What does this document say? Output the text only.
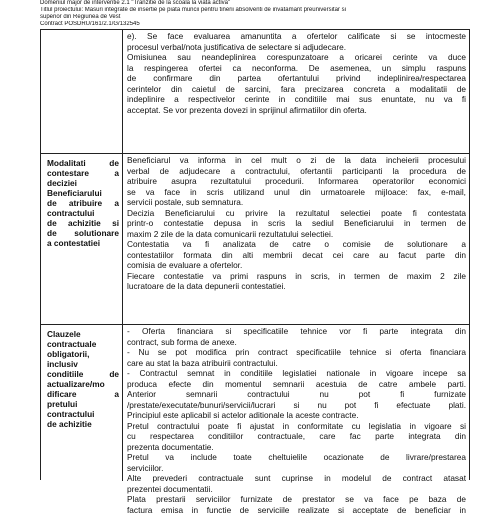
Domeniul major de interventie 2.1 "Tranzitie de la scoala la viata activa"
Titlul proiectului: Masuri integrate de insertie pe piata muncii pentru tinerii absolventi de invatamant preuniversitar si
superior din Regiunea de Vest
Contract POSDRU/161/2.1/G/132545
e). Se face evaluarea amanuntita a ofertelor calificate si se intocmeste
procesul verbal/nota justificativa de selectare si adjudecare.
Omisiunea sau neandeplinirea corespunzatoare a oricarei cerinte va duce
la respingerea ofertei ca neconforma. De asemenea, un simplu raspuns
de confirmare din partea ofertantului privind indeplinirea/respectarea
cerintelor din caietul de sarcini, fara precizarea concreta a modalitatii de
indeplinire a respectivelor cerinte in conditiile mai sus enuntate, nu va fi
acceptat. Se vor prezenta dovezi in sprijinul afirmatiilor din oferta.
Modalitati de
contestare a
deciziei
Beneficiarului
de atribuire a
contractului
de achizitie si
de solutionare
a contestatiei
Beneficiarul va informa in cel mult o zi de la data incheierii procesului
verbal de adjudecare a contractului, ofertantii participanti la procedura de
atribuire asupra rezultatului procedurii. Informarea operatorilor economici
se va face in scris utilizand unul din urmatoarele mijloace: fax, e-mail,
servicii postale, sub semnatura.
Decizia Beneficiarului cu privire la rezultatul selectiei poate fi contestata
printr-o contestatie depusa in scris la sediul Beneficiarului in termen de
maxim 2 zile de la data comunicarii rezultatului selectiei.
Contestatia va fi analizata de catre o comisie de solutionare a
contestatiilor formata din alti membrii decat cei care au facut parte din
comisia de evaluare a ofertelor.
Fiecare contestatie va primi raspuns in scris, in termen de maxim 2 zile
lucratoare de la data depunerii contestatiei.
Clauzele
contractuale
obligatorii,
inclusiv
conditiile de
actualizare/mo
dificare a
pretului
contractului
de achizitie
- Oferta financiara si specificatiile tehnice vor fi parte integrata din
contract, sub forma de anexe.
- Nu se pot modifica prin contract specificatiile tehnice si oferta financiara
care au stat la baza atribuirii contractului.
- Contractul semnat in conditiile legislatiei nationale in vigoare incepe sa
produca efecte din momentul semnarii acestuia de catre ambele parti.
Anterior semnarii contractului nu pot fi furnizate
/prestate/executate/bunuri/servicii/lucrari si nu pot fi efectuate plati.
Principiul este aplicabil si actelor aditionale la aceste contracte.
Pretul contractului poate fi ajustat in conformitate cu legislatia in vigoare si
cu respectarea conditiilor contractuale, care fac parte integrata din
prezenta documentatie.
Pretul va include toate cheltuielile ocazionate de livrare/prestarea
serviciilor.
Alte prevederi contractuale sunt cuprinse in modelul de contract atasat
prezentei documentatii.
Plata prestarii serviciilor furnizate de prestator se va face pe baza de
factura emisa in functie de serviciile realizate si acceptate de beneficiar in
